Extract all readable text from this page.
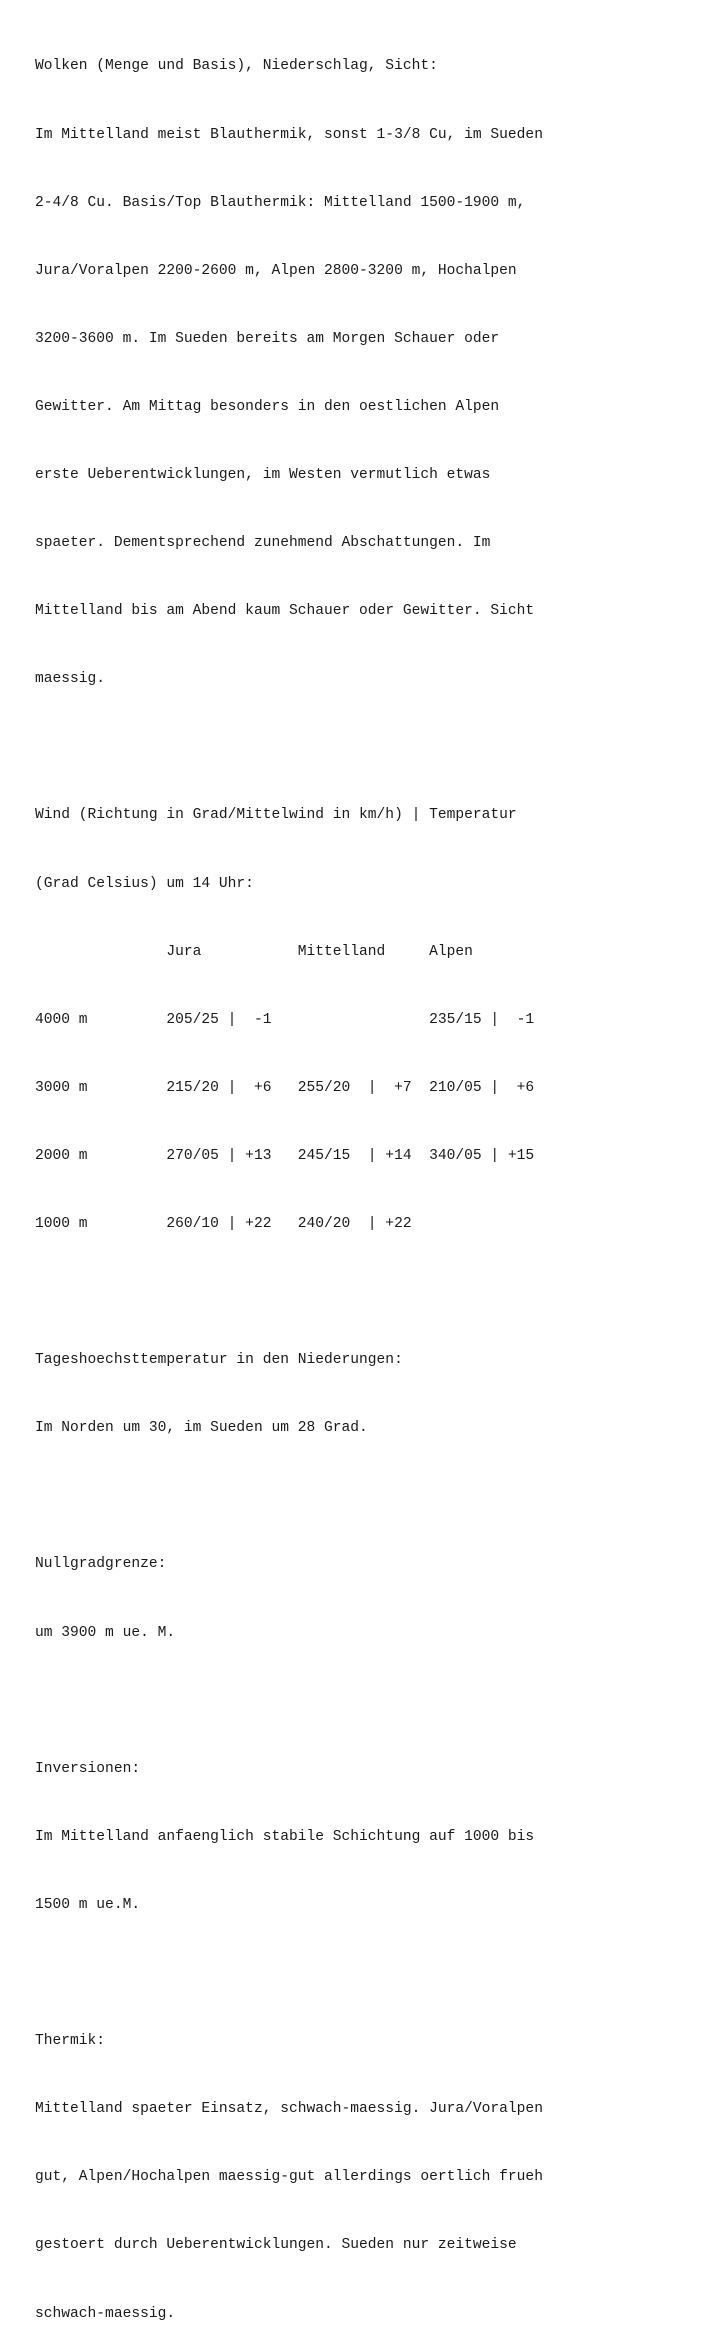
Wolken (Menge und Basis), Niederschlag, Sicht:

Im Mittelland meist Blauthermik, sonst 1-3/8 Cu, im Sueden

2-4/8 Cu. Basis/Top Blauthermik: Mittelland 1500-1900 m,

Jura/Voralpen 2200-2600 m, Alpen 2800-3200 m, Hochalpen

3200-3600 m. Im Sueden bereits am Morgen Schauer oder

Gewitter. Am Mittag besonders in den oestlichen Alpen

erste Ueberentwicklungen, im Westen vermutlich etwas

spaeter. Dementsprechend zunehmend Abschattungen. Im

Mittelland bis am Abend kaum Schauer oder Gewitter. Sicht

maessig.

Wind (Richtung in Grad/Mittelwind in km/h) | Temperatur

(Grad Celsius) um 14 Uhr:

Jura           Mittelland     Alpen

4000 m         205/25 |  -1                  235/15 |  -1

3000 m         215/20 |  +6   255/20  |  +7  210/05 |  +6

2000 m         270/05 | +13   245/15  | +14  340/05 | +15

1000 m         260/10 | +22   240/20  | +22

Tageshoechsttemperatur in den Niederungen:

Im Norden um 30, im Sueden um 28 Grad.

Nullgradgrenze:

um 3900 m ue. M.

Inversionen:

Im Mittelland anfaenglich stabile Schichtung auf 1000 bis

1500 m ue.M.

Thermik:

Mittelland spaeter Einsatz, schwach-maessig. Jura/Voralpen

gut, Alpen/Hochalpen maessig-gut allerdings oertlich frueh

gestoert durch Ueberentwicklungen. Sueden nur zeitweise

schwach-maessig.
